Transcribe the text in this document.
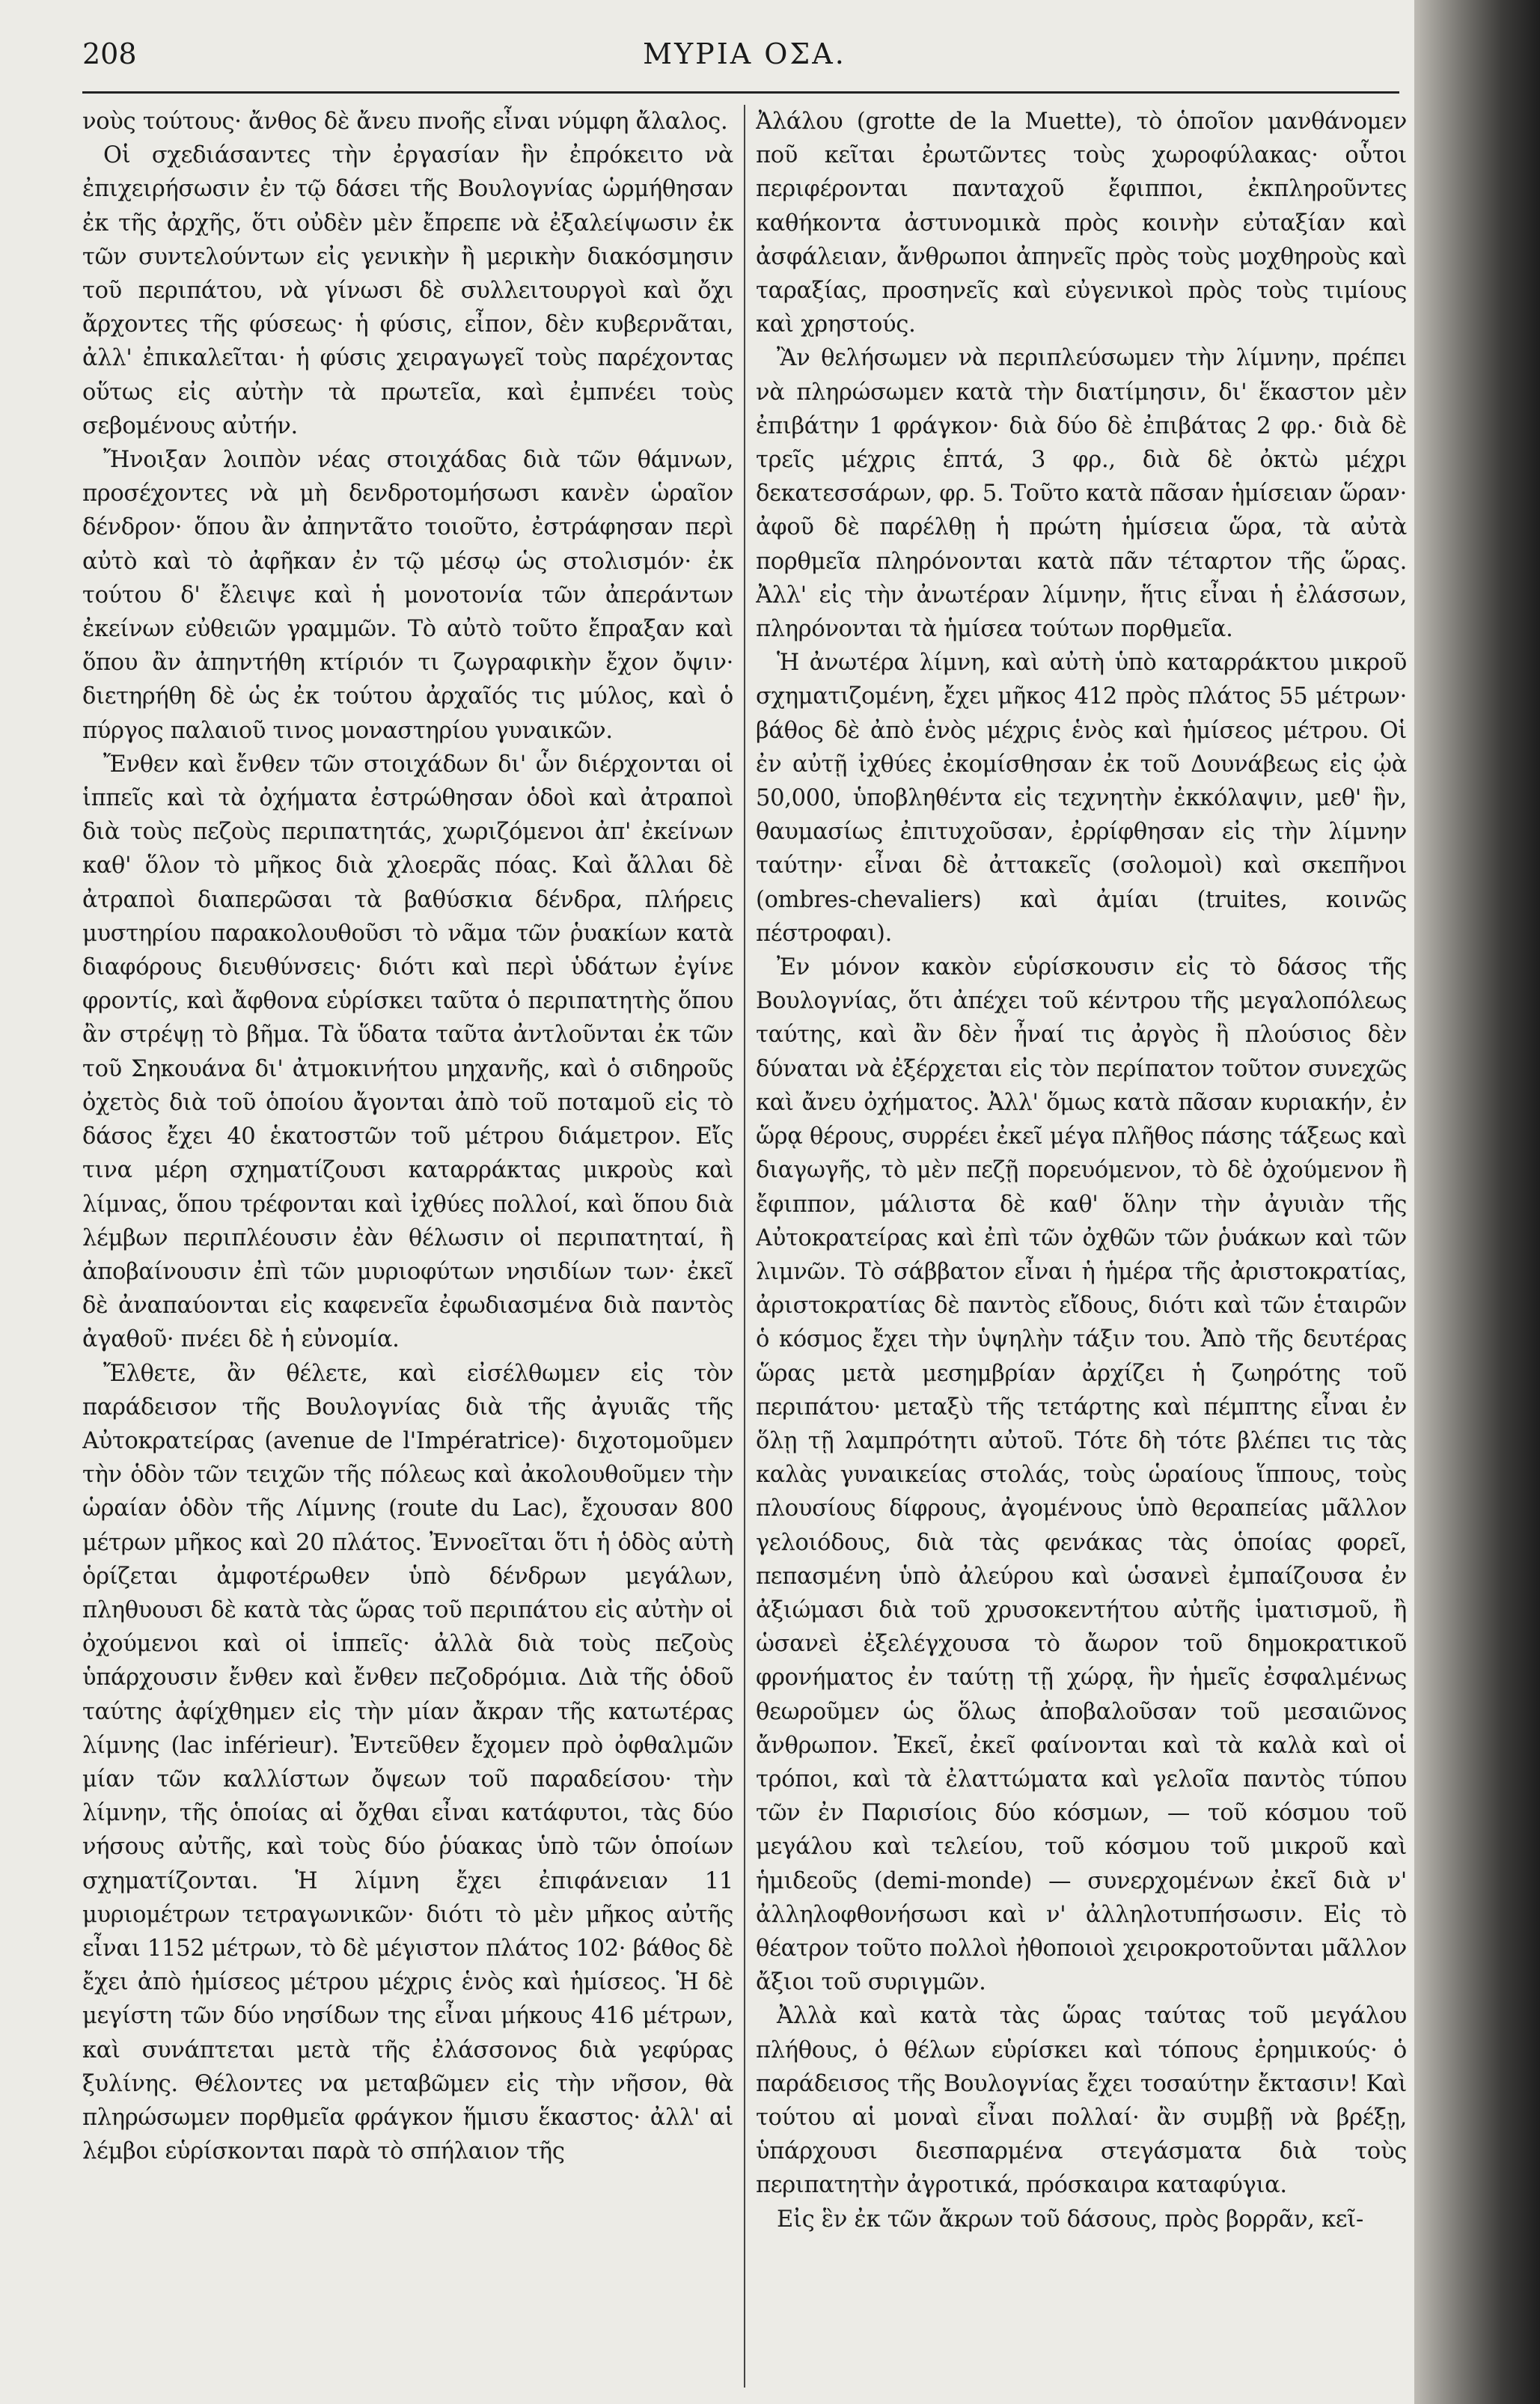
208	ΜΥΡΙΑ ΟΣΑ.

νοὺς τούτους· ἄνθος δὲ ἄνευ πνοῆς εἶναι νύμφη ἄλαλος.

Οἱ σχεδιάσαντες τὴν ἐργασίαν ἣν ἐπρόκειτο νὰ ἐπιχειρήσωσιν ἐν τῷ δάσει τῆς Βουλογνίας ὡρμήθησαν ἐκ τῆς ἀρχῆς, ὅτι οὐδὲν μὲν ἔπρεπε νὰ ἐξαλείψωσιν ἐκ τῶν συντελούντων εἰς γενικὴν ἢ μερικὴν διακόσμησιν τοῦ περιπάτου, νὰ γίνωσι δὲ συλλειτουργοὶ καὶ ὄχι ἄρχοντες τῆς φύσεως· ἡ φύσις, εἶπον, δὲν κυβερνᾶται, ἀλλ' ἐπικαλεῖται· ἡ φύσις χειραγωγεῖ τοὺς παρέχοντας οὕτως εἰς αὐτὴν τὰ πρωτεῖα, καὶ ἐμπνέει τοὺς σεβομένους αὐτήν.

Ἤνοιξαν λοιπὸν νέας στοιχάδας διὰ τῶν θάμνων, προσέχοντες νὰ μὴ δενδροτομήσωσι κανὲν ὡραῖον δένδρον· ὅπου ἂν ἀπηντᾶτο τοιοῦτο, ἐστράφησαν περὶ αὐτὸ καὶ τὸ ἀφῆκαν ἐν τῷ μέσῳ ὡς στολισμόν· ἐκ τούτου δ' ἔλειψε καὶ ἡ μονοτονία τῶν ἀπεράντων ἐκείνων εὐθειῶν γραμμῶν. Τὸ αὐτὸ τοῦτο ἔπραξαν καὶ ὅπου ἂν ἀπηντήθη κτίριόν τι ζωγραφικὴν ἔχον ὄψιν· διετηρήθη δὲ ὡς ἐκ τούτου ἀρχαῖός τις μύλος, καὶ ὁ πύργος παλαιοῦ τινος μοναστηρίου γυναικῶν.

Ἔνθεν καὶ ἔνθεν τῶν στοιχάδων δι' ὧν διέρχονται οἱ ἱππεῖς καὶ τὰ ὀχήματα ἐστρώθησαν ὁδοὶ καὶ ἀτραποὶ διὰ τοὺς πεζοὺς περιπατητάς, χωριζόμενοι ἀπ' ἐκείνων καθ' ὅλον τὸ μῆκος διὰ χλοερᾶς πόας. Καὶ ἄλλαι δὲ ἀτραποὶ διαπερῶσαι τὰ βαθύσκια δένδρα, πλήρεις μυστηρίου παρακολουθοῦσι τὸ νᾶμα τῶν ῥυακίων κατὰ διαφόρους διευθύνσεις· διότι καὶ περὶ ὑδάτων ἐγίνε φροντίς, καὶ ἄφθονα εὑρίσκει ταῦτα ὁ περιπατητὴς ὅπου ἂν στρέψῃ τὸ βῆμα. Τὰ ὕδατα ταῦτα ἀντλοῦνται ἐκ τῶν τοῦ Σηκουάνα δι' ἀτμοκινήτου μηχανῆς, καὶ ὁ σιδηροῦς ὀχετὸς διὰ τοῦ ὁποίου ἄγονται ἀπὸ τοῦ ποταμοῦ εἰς τὸ δάσος ἔχει 40 ἑκατοστῶν τοῦ μέτρου διάμετρον. Εἴς τινα μέρη σχηματίζουσι καταρράκτας μικροὺς καὶ λίμνας, ὅπου τρέφονται καὶ ἰχθύες πολλοί, καὶ ὅπου διὰ λέμβων περιπλέουσιν ἐὰν θέλωσιν οἱ περιπατηταί, ἢ ἀποβαίνουσιν ἐπὶ τῶν μυριοφύτων νησιδίων των· ἐκεῖ δὲ ἀναπαύονται εἰς καφενεῖα ἐφωδιασμένα διὰ παντὸς ἀγαθοῦ· πνέει δὲ ἡ εὐνομία.

Ἔλθετε, ἂν θέλετε, καὶ εἰσέλθωμεν εἰς τὸν παράδεισον τῆς Βουλογνίας διὰ τῆς ἀγυιᾶς τῆς Αὐτοκρατείρας (avenue de l'Impératrice)· διχοτομοῦμεν τὴν ὁδὸν τῶν τειχῶν τῆς πόλεως καὶ ἀκολουθοῦμεν τὴν ὡραίαν ὁδὸν τῆς Λίμνης (route du Lac), ἔχουσαν 800 μέτρων μῆκος καὶ 20 πλάτος. Ἐννοεῖται ὅτι ἡ ὁδὸς αὐτὴ ὁρίζεται ἀμφοτέρωθεν ὑπὸ δένδρων μεγάλων, πληθυουσι δὲ κατὰ τὰς ὥρας τοῦ περιπάτου εἰς αὐτὴν οἱ ὀχούμενοι καὶ οἱ ἱππεῖς· ἀλλὰ διὰ τοὺς πεζοὺς ὑπάρχουσιν ἔνθεν καὶ ἔνθεν πεζοδρόμια. Διὰ τῆς ὁδοῦ ταύτης ἀφίχθημεν εἰς τὴν μίαν ἄκραν τῆς κατωτέρας λίμνης (lac inférieur). Ἐντεῦθεν ἔχομεν πρὸ ὀφθαλμῶν μίαν τῶν καλλίστων ὄψεων τοῦ παραδείσου· τὴν λίμνην, τῆς ὁποίας αἱ ὄχθαι εἶναι κατάφυτοι, τὰς δύο νήσους αὐτῆς, καὶ τοὺς δύο ῥύακας ὑπὸ τῶν ὁποίων σχηματίζονται. Ἡ λίμνη ἔχει ἐπιφάνειαν 11 μυριομέτρων τετραγωνικῶν· διότι τὸ μὲν μῆκος αὐτῆς εἶναι 1152 μέτρων, τὸ δὲ μέγιστον πλάτος 102· βάθος δὲ ἔχει ἀπὸ ἡμίσεος μέτρου μέχρις ἑνὸς καὶ ἡμίσεος. Ἡ δὲ μεγίστη τῶν δύο νησίδων της εἶναι μήκους 416 μέτρων, καὶ συνάπτεται μετὰ τῆς ἐλάσσονος διὰ γεφύρας ξυλίνης. Θέλοντες να μεταβῶμεν εἰς τὴν νῆσον, θὰ πληρώσωμεν πορθμεῖα φράγκον ἥμισυ ἕκαστος· ἀλλ' αἱ λέμβοι εὑρίσκονται παρὰ τὸ σπήλαιον τῆς

Ἀλάλου (grotte de la Muette), τὸ ὁποῖον μανθάνομεν ποῦ κεῖται ἐρωτῶντες τοὺς χωροφύλακας· οὗτοι περιφέρονται πανταχοῦ ἔφιπποι, ἐκπληροῦντες καθήκοντα ἀστυνομικὰ πρὸς κοινὴν εὐταξίαν καὶ ἀσφάλειαν, ἄνθρωποι ἀπηνεῖς πρὸς τοὺς μοχθηροὺς καὶ ταραξίας, προσηνεῖς καὶ εὐγενικοὶ πρὸς τοὺς τιμίους καὶ χρηστούς.

Ἂν θελήσωμεν νὰ περιπλεύσωμεν τὴν λίμνην, πρέπει νὰ πληρώσωμεν κατὰ τὴν διατίμησιν, δι' ἕκαστον μὲν ἐπιβάτην 1 φράγκον· διὰ δύο δὲ ἐπιβάτας 2 φρ.· διὰ δὲ τρεῖς μέχρις ἑπτά, 3 φρ., διὰ δὲ ὀκτὼ μέχρι δεκατεσσάρων, φρ. 5. Τοῦτο κατὰ πᾶσαν ἡμίσειαν ὥραν· ἀφοῦ δὲ παρέλθῃ ἡ πρώτη ἡμίσεια ὥρα, τὰ αὐτὰ πορθμεῖα πληρόνονται κατὰ πᾶν τέταρτον τῆς ὥρας. Ἀλλ' εἰς τὴν ἀνωτέραν λίμνην, ἥτις εἶναι ἡ ἐλάσσων, πληρόνονται τὰ ἡμίσεα τούτων πορθμεῖα.

Ἡ ἀνωτέρα λίμνη, καὶ αὐτὴ ὑπὸ καταρράκτου μικροῦ σχηματιζομένη, ἔχει μῆκος 412 πρὸς πλάτος 55 μέτρων· βάθος δὲ ἀπὸ ἑνὸς μέχρις ἑνὸς καὶ ἡμίσεος μέτρου. Οἱ ἐν αὐτῇ ἰχθύες ἐκομίσθησαν ἐκ τοῦ Δουνάβεως εἰς ᾠὰ 50,000, ὑποβληθέντα εἰς τεχνητὴν ἐκκόλαψιν, μεθ' ἣν, θαυμασίως ἐπιτυχοῦσαν, ἐρρίφθησαν εἰς τὴν λίμνην ταύτην· εἶναι δὲ ἀττακεῖς (σολομοὶ) καὶ σκεπῆνοι (ombres-chevaliers) καὶ ἀμίαι (truites, κοινῶς πέστροφαι).

Ἐν μόνον κακὸν εὑρίσκουσιν εἰς τὸ δάσος τῆς Βουλογνίας, ὅτι ἀπέχει τοῦ κέντρου τῆς μεγαλοπόλεως ταύτης, καὶ ἂν δὲν ἦναί τις ἀργὸς ἢ πλούσιος δὲν δύναται νὰ ἐξέρχεται εἰς τὸν περίπατον τοῦτον συνεχῶς καὶ ἄνευ ὀχήματος. Ἀλλ' ὅμως κατὰ πᾶσαν κυριακήν, ἐν ὥρᾳ θέρους, συρρέει ἐκεῖ μέγα πλῆθος πάσης τάξεως καὶ διαγωγῆς, τὸ μὲν πεζῇ πορευόμενον, τὸ δὲ ὀχούμενον ἢ ἔφιππον, μάλιστα δὲ καθ' ὅλην τὴν ἀγυιὰν τῆς Αὐτοκρατείρας καὶ ἐπὶ τῶν ὀχθῶν τῶν ῥυάκων καὶ τῶν λιμνῶν. Τὸ σάββατον εἶναι ἡ ἡμέρα τῆς ἀριστοκρατίας, ἀριστοκρατίας δὲ παντὸς εἴδους, διότι καὶ τῶν ἑταιρῶν ὁ κόσμος ἔχει τὴν ὑψηλὴν τάξιν του. Ἀπὸ τῆς δευτέρας ὥρας μετὰ μεσημβρίαν ἀρχίζει ἡ ζωηρότης τοῦ περιπάτου· μεταξὺ τῆς τετάρτης καὶ πέμπτης εἶναι ἐν ὅλῃ τῇ λαμπρότητι αὐτοῦ. Τότε δὴ τότε βλέπει τις τὰς καλὰς γυναικείας στολάς, τοὺς ὡραίους ἵππους, τοὺς πλουσίους δίφρους, ἀγομένους ὑπὸ θεραπείας μᾶλλον γελοιόδους, διὰ τὰς φενάκας τὰς ὁποίας φορεῖ, πεπασμένη ὑπὸ ἀλεύρου καὶ ὡσανεὶ ἐμπαίζουσα ἐν ἀξιώμασι διὰ τοῦ χρυσοκεντήτου αὐτῆς ἱματισμοῦ, ἢ ὡσανεὶ ἐξελέγχουσα τὸ ἄωρον τοῦ δημοκρατικοῦ φρονήματος ἐν ταύτῃ τῇ χώρᾳ, ἣν ἡμεῖς ἐσφαλμένως θεωροῦμεν ὡς ὅλως ἀποβαλοῦσαν τοῦ μεσαιῶνος ἄνθρωπον. Ἐκεῖ, ἐκεῖ φαίνονται καὶ τὰ καλὰ καὶ οἱ τρόποι, καὶ τὰ ἐλαττώματα καὶ γελοῖα παντὸς τύπου τῶν ἐν Παρισίοις δύο κόσμων, — τοῦ κόσμου τοῦ μεγάλου καὶ τελείου, τοῦ κόσμου τοῦ μικροῦ καὶ ἡμιδεοῦς (demi-monde) — συνερχομένων ἐκεῖ διὰ ν' ἀλληλοφθονήσωσι καὶ ν' ἀλληλοτυπήσωσιν. Εἰς τὸ θέατρον τοῦτο πολλοὶ ἠθοποιοὶ χειροκροτοῦνται μᾶλλον ἄξιοι τοῦ συριγμῶν.

Ἀλλὰ καὶ κατὰ τὰς ὥρας ταύτας τοῦ μεγάλου πλήθους, ὁ θέλων εὑρίσκει καὶ τόπους ἐρημικούς· ὁ παράδεισος τῆς Βουλογνίας ἔχει τοσαύτην ἔκτασιν! Καὶ τούτου αἱ μοναὶ εἶναι πολλαί· ἂν συμβῇ νὰ βρέξῃ, ὑπάρχουσι διεσπαρμένα στεγάσματα διὰ τοὺς περιπατητὴν ἀγροτικά, πρόσκαιρα καταφύγια.

Εἰς ἓν ἐκ τῶν ἄκρων τοῦ δάσους, πρὸς βορρᾶν, κεῖ-
